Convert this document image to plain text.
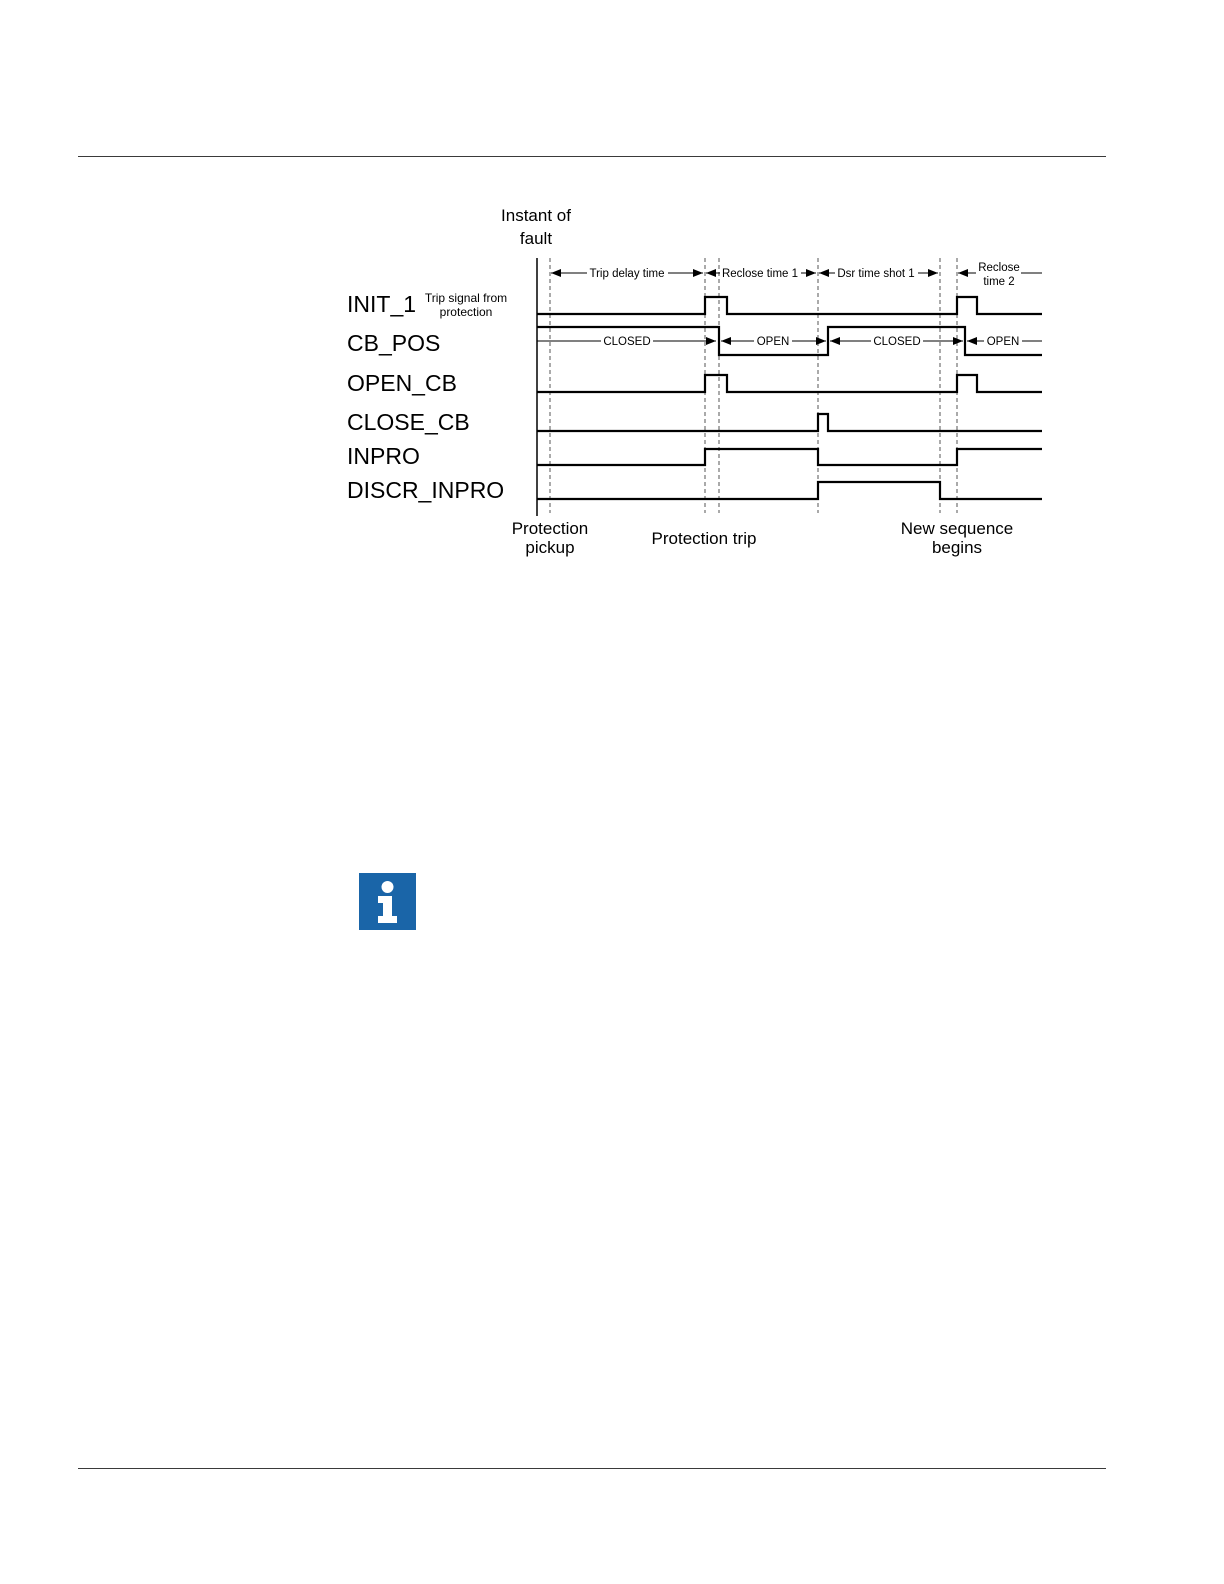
Instant of
fault
Trip delay time	Reclose time 1	Dsr time shot 1	Reclose
time 2
INIT_1
CB_POS
OPEN_CB
CLOSE_CB
INPRO
DISCR_INPRO
Trip signal from
protection
CLOSED	OPEN	CLOSED	OPEN
Protection
pickup	Protection trip
New sequence
begins
